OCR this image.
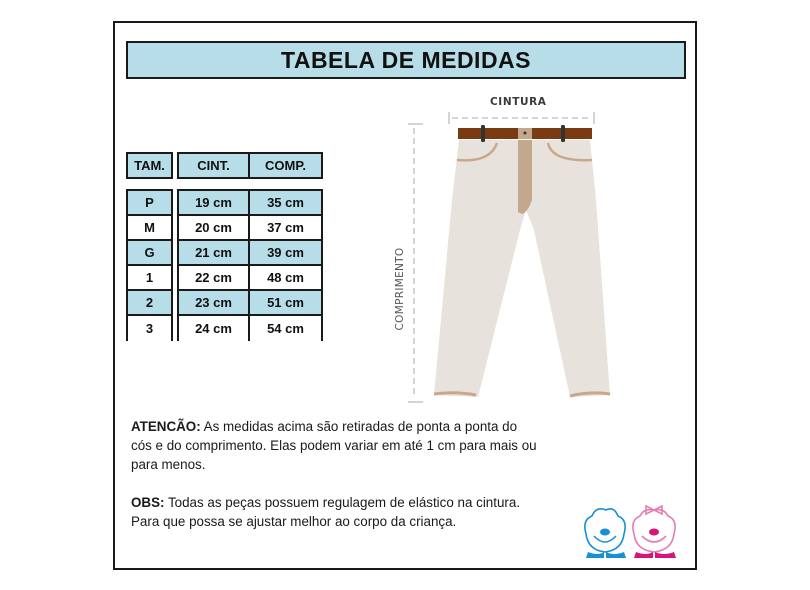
TABELA DE MEDIDAS
TAM.	CINT.	COMP.
P	19 cm	35 cm
M	20 cm	37 cm
G	21 cm	39 cm
1	22 cm	48 cm
2	23 cm	51 cm
3	24 cm	54 cm
CINTURA
COMPRIMENTO
ATENCÃO: As medidas acima são retiradas de ponta a ponta do cós e do comprimento. Elas podem variar em até 1 cm para mais ou para menos.
OBS: Todas as peças possuem regulagem de elástico na cintura. Para que possa se ajustar melhor ao corpo da criança.
